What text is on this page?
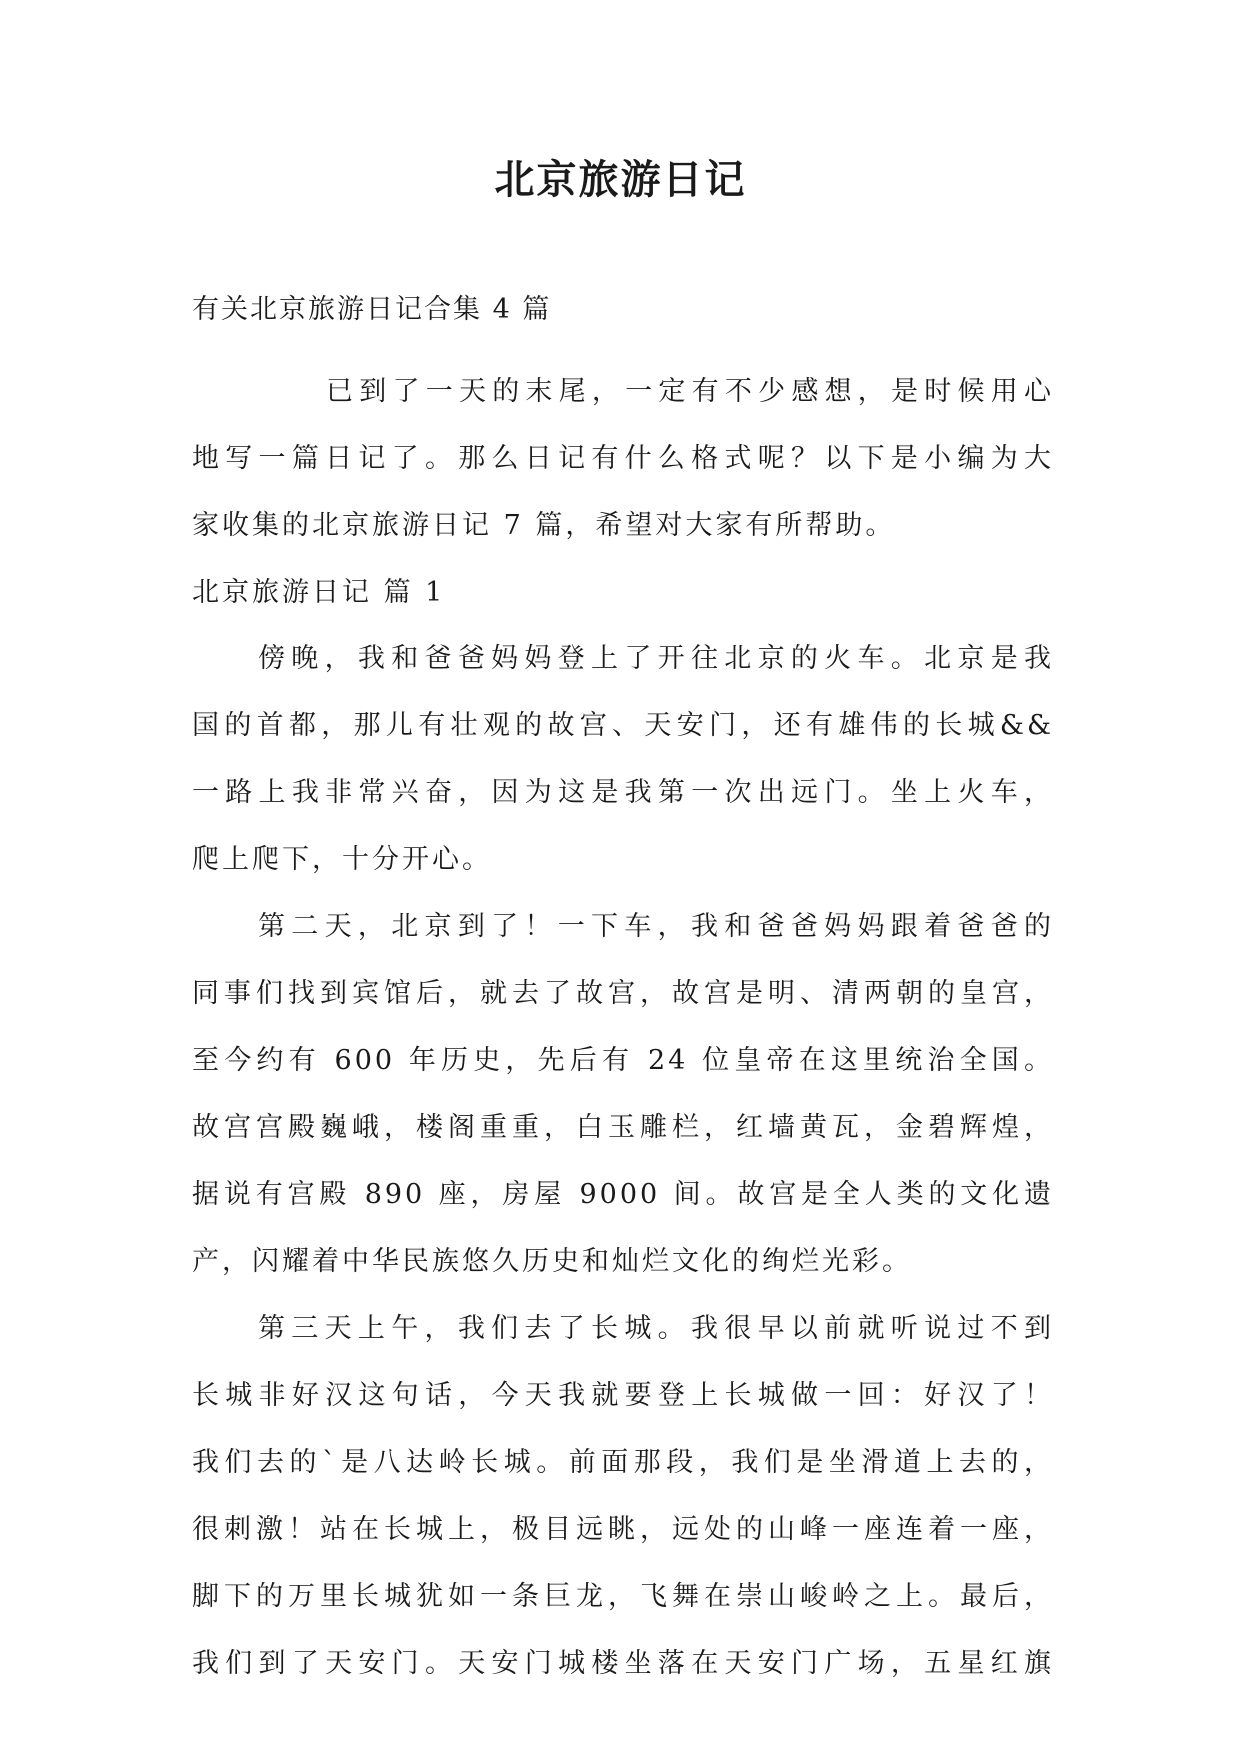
北京旅游日记
有关北京旅游日记合集 4 篇
已到了一天的末尾，一定有不少感想，是时候用心
地写一篇日记了。那么日记有什么格式呢？以下是小编为大
家收集的北京旅游日记 7 篇，希望对大家有所帮助。
北京旅游日记 篇 1
傍晚，我和爸爸妈妈登上了开往北京的火车。北京是我
国的首都，那儿有壮观的故宫、天安门，还有雄伟的长城&&
一路上我非常兴奋，因为这是我第一次出远门。坐上火车，
爬上爬下，十分开心。
第二天，北京到了！一下车，我和爸爸妈妈跟着爸爸的
同事们找到宾馆后，就去了故宫，故宫是明、清两朝的皇宫，
至今约有 600 年历史，先后有 24 位皇帝在这里统治全国。
故宫宫殿巍峨，楼阁重重，白玉雕栏，红墙黄瓦，金碧辉煌，
据说有宫殿 890 座，房屋 9000 间。故宫是全人类的文化遗
产，闪耀着中华民族悠久历史和灿烂文化的绚烂光彩。
第三天上午，我们去了长城。我很早以前就听说过不到
长城非好汉这句话，今天我就要登上长城做一回：好汉了！
我们去的`是八达岭长城。前面那段，我们是坐滑道上去的，
很刺激！站在长城上，极目远眺，远处的山峰一座连着一座，
脚下的万里长城犹如一条巨龙，飞舞在崇山峻岭之上。最后，
我们到了天安门。天安门城楼坐落在天安门广场，五星红旗
